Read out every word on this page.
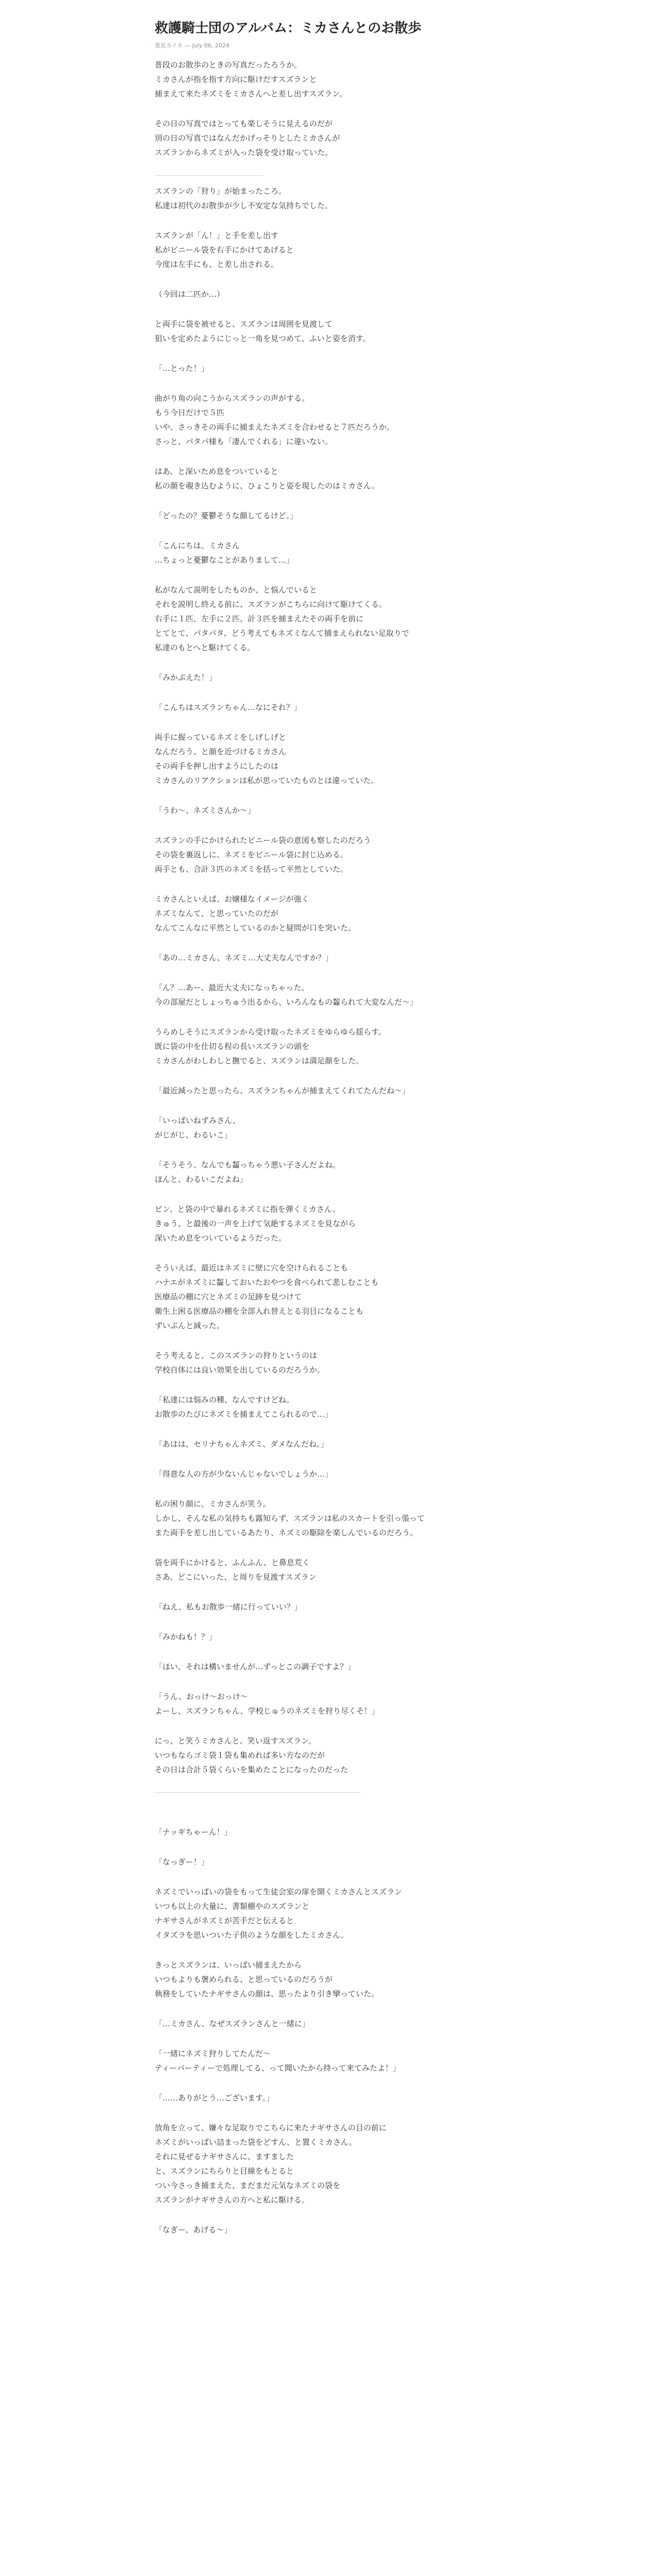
救護騎士団のアルバム：ミカさんとのお散歩
黒炭カイネ — July 06, 2024

普段のお散歩のときの写真だったろうか。

ミカさんが指を指す方向に駆けだすスズランと

捕まえて来たネズミをミカさんへと差し出すスズラン。

その日の写真ではとっても楽しそうに見えるのだが

別の日の写真ではなんだかげっそりとしたミカさんが

スズランからネズミが入った袋を受け取っていた。

スズランの「狩り」が始まったころ。

私達は初代のお散歩が少し不安定な気持ちでした。

スズランが「ん！」と手を差し出す

私がビニール袋を右手にかけてあげると

今度は左手にも、と差し出される。

（今回は二匹か…）

と両手に袋を被せると、スズランは周囲を見渡して

狙いを定めたようにじっと一角を見つめて、ふいと姿を消す。

「…とった！」

曲がり角の向こうからスズランの声がする。

もう今日だけで５匹

いや、さっきその両手に捕まえたネズミを合わせると７匹だろうか。

さっと、パタパ様も「凄んでくれる」に違いない。

はあ、と深いため息をついていると

私の顔を覗き込むように、ひょこりと姿を現したのはミカさん。

「どったの？憂鬱そうな顔してるけど。」

「こんにちは、ミカさん

…ちょっと憂鬱なことがありまして…」

私がなんて説明をしたものか、と悩んでいると

それを説明し終える前に、スズランがこちらに向けて駆けてくる。

右手に１匹、左手に２匹、計３匹を捕まえたその両手を前に

とてとて、パタパタ、どう考えてもネズミなんて捕まえられない足取りで

私達のもとへと駆けてくる。

「みかぷえた！」

「こんちはスズランちゃん…なにそれ？」

両手に握っているネズミをしげしげと

なんだろう、と顔を近づけるミカさん

その両手を押し出すようにしたのは

ミカさんのリアクションは私が思っていたものとは違っていた。

「うわ〜、ネズミさんか〜」

スズランの手にかけられたビニール袋の意図も察したのだろう

その袋を裏返しに、ネズミをビニール袋に封じ込める。

両手とも、合計３匹のネズミを括って平然としていた。

ミカさんといえば、お嬢様なイメージが強く

ネズミなんて、と思っていたのだが

なんてこんなに平然としているのかと疑問が口を突いた。

「あの…ミカさん、ネズミ…大丈夫なんですか？」

「ん？…あー、最近大丈夫になっちゃった。

今の部屋だとしょっちゅう出るから、いろんなもの齧られて大変なんだ〜」

うらめしそうにスズランから受け取ったネズミをゆらゆら揺らす。

既に袋の中を仕切る程の長いスズランの頭を

ミカさんがわしわしと撫でると、スズランは満足顔をした。

「最近減ったと思ったら、スズランちゃんが捕まえてくれてたんだね〜」

「いっぱいねずみさん、

がじがじ、わるいこ」

「そうそう、なんでも齧っちゃう悪い子さんだよね。

ほんと、わるいこだよね」

ピン、と袋の中で暴れるネズミに指を弾くミカさん。

きゅう、と最後の一声を上げて気絶するネズミを見ながら

深いため息をついているようだった。

そういえば、最近はネズミに壁に穴を空けられることも

ハナエがネズミに齧しておいたおやつを食べられて悲しむことも

医療品の棚に穴とネズミの足跡を見つけて

衛生上困る医療品の棚を全部入れ替えとる羽目になることも

ずいぶんと減った。

そう考えると、このスズランの狩りというのは

学校自体には良い効果を出しているのだろうか。

「私達には悩みの種、なんですけどね。

お散歩のたびにネズミを捕まえてこられるので…」

「あはは、セリナちゃんネズミ、ダメなんだね。」

「得意な人の方が少ないんじゃないでしょうか…」

私の困り顔に、ミカさんが笑う。

しかし、そんな私の気持ちも露知らず、スズランは私のスカートを引っ張って

また両手を差し出しているあたり、ネズミの駆除を楽しんでいるのだろう。

袋を両手にかけると、ふんふん、と鼻息荒く

さあ、どこにいった、と周りを見渡すスズラン

「ねえ、私もお散歩一緒に行っていい？」

「みかねも！？」

「ほい、それは構いませんが…ずっとこの調子ですよ？」

「うん、おっけ〜おっけ〜

よーし、スズランちゃん、学校じゅうのネズミを狩り尽くそ！」

にっ、と笑うミカさんと、笑い返すスズラン。

いつもならゴミ袋１袋も集めれば多い方なのだが

その日は合計５袋くらいを集めたことになったのだった

「ナッギちゃーん！」

「なっぎー！」

ネズミでいっぱいの袋をもって生徒会室の扉を開くミカさんとスズラン

いつも以上の大量に、書類棚やのスズランと

ナギサさんがネズミが苦手だと伝えると

イタズラを思いついた子供のような顔をしたミカさん。

きっとスズランは、いっぱい捕まえたから

いつもよりも褒められる、と思っているのだろうが

執務をしていたナギサさんの顔は、思ったより引き攣っていた。

「…ミカさん、なぜスズランさんと一緒に」

「一緒にネズミ狩りしてたんだ〜

ティーパーティーで処理してる、って聞いたから持って来てみたよ！」

「……ありがとう…ございます。」

放角を立って、嫌々な足取りでこちらに来たナギサさんの目の前に

ネズミがいっぱい詰まった袋をどすん、と置くミカさん。

それに見ぜるナギサさんに、ますました

と、スズランにちらりと目線をもとると

つい今さっき捕まえた、まだまだ元気なネズミの袋を

スズランがナギサさんの方へと私に駆ける。

「なぎー、あげる〜」
